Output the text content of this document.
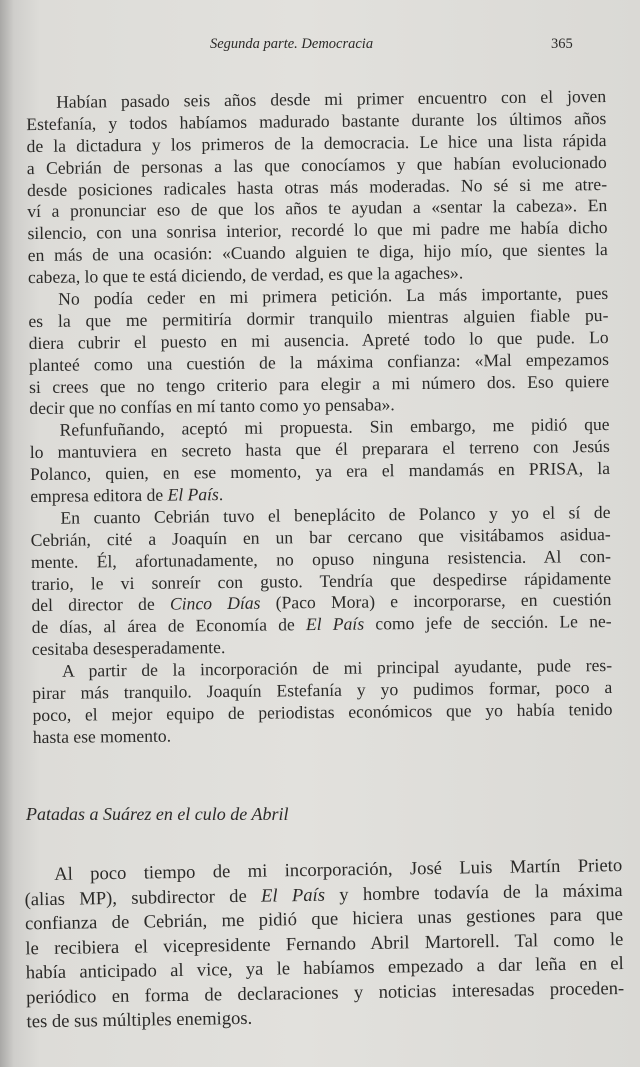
Segunda parte. Democracia	365
Habían pasado seis años desde mi primer encuentro con el joven
Estefanía, y todos habíamos madurado bastante durante los últimos años
de la dictadura y los primeros de la democracia. Le hice una lista rápida
a Cebrián de personas a las que conocíamos y que habían evolucionado
desde posiciones radicales hasta otras más moderadas. No sé si me atre-
ví a pronunciar eso de que los años te ayudan a «sentar la cabeza». En
silencio, con una sonrisa interior, recordé lo que mi padre me había dicho
en más de una ocasión: «Cuando alguien te diga, hijo mío, que sientes la
cabeza, lo que te está diciendo, de verdad, es que la agaches».
No podía ceder en mi primera petición. La más importante, pues
es la que me permitiría dormir tranquilo mientras alguien fiable pu-
diera cubrir el puesto en mi ausencia. Apreté todo lo que pude. Lo
planteé como una cuestión de la máxima confianza: «Mal empezamos
si crees que no tengo criterio para elegir a mi número dos. Eso quiere
decir que no confías en mí tanto como yo pensaba».
Refunfuñando, aceptó mi propuesta. Sin embargo, me pidió que
lo mantuviera en secreto hasta que él preparara el terreno con Jesús
Polanco, quien, en ese momento, ya era el mandamás en PRISA, la
empresa editora de El País.
En cuanto Cebrián tuvo el beneplácito de Polanco y yo el sí de
Cebrián, cité a Joaquín en un bar cercano que visitábamos asidua-
mente. Él, afortunadamente, no opuso ninguna resistencia. Al con-
trario, le vi sonreír con gusto. Tendría que despedirse rápidamente
del director de Cinco Días (Paco Mora) e incorporarse, en cuestión
de días, al área de Economía de El País como jefe de sección. Le ne-
cesitaba desesperadamente.
A partir de la incorporación de mi principal ayudante, pude res-
pirar más tranquilo. Joaquín Estefanía y yo pudimos formar, poco a
poco, el mejor equipo de periodistas económicos que yo había tenido
hasta ese momento.
Patadas a Suárez en el culo de Abril
Al poco tiempo de mi incorporación, José Luis Martín Prieto
(alias MP), subdirector de El País y hombre todavía de la máxima
confianza de Cebrián, me pidió que hiciera unas gestiones para que
le recibiera el vicepresidente Fernando Abril Martorell. Tal como le
había anticipado al vice, ya le habíamos empezado a dar leña en el
periódico en forma de declaraciones y noticias interesadas proceden-
tes de sus múltiples enemigos.
